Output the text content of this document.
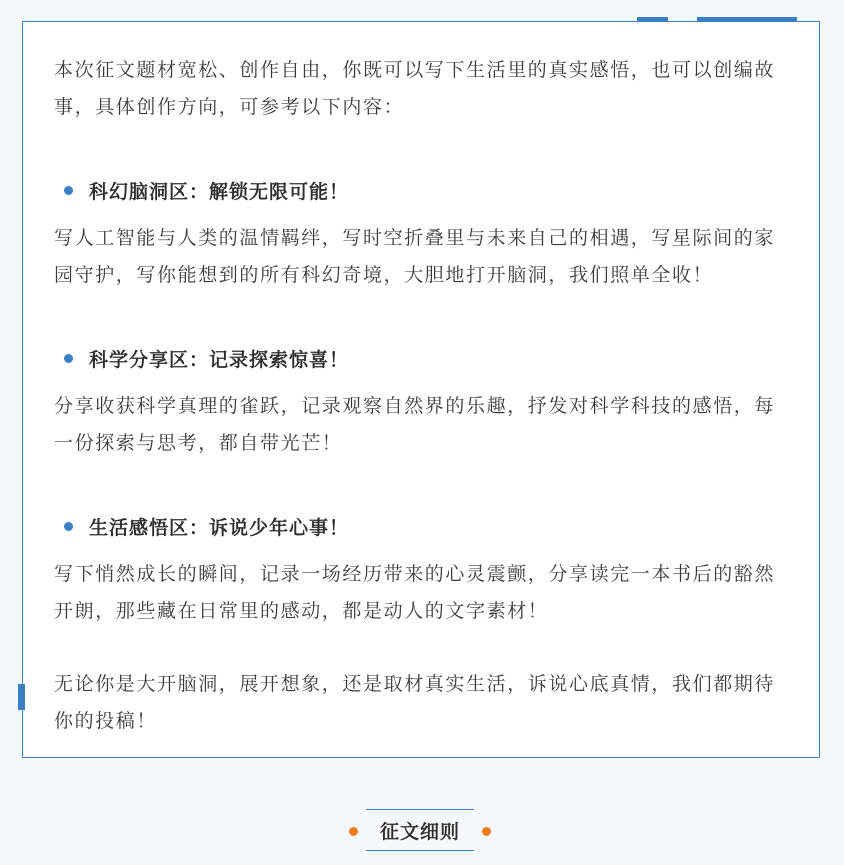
本次征文题材宽松、创作自由，你既可以写下生活里的真实感悟，也可以创编故事，具体创作方向，可参考以下内容：

科幻脑洞区：解锁无限可能！

写人工智能与人类的温情羁绊，写时空折叠里与未来自己的相遇，写星际间的家园守护，写你能想到的所有科幻奇境，大胆地打开脑洞，我们照单全收！

科学分享区：记录探索惊喜！

分享收获科学真理的雀跃，记录观察自然界的乐趣，抒发对科学科技的感悟，每一份探索与思考，都自带光芒！

生活感悟区：诉说少年心事！

写下悄然成长的瞬间，记录一场经历带来的心灵震颤，分享读完一本书后的豁然开朗，那些藏在日常里的感动，都是动人的文字素材！

无论你是大开脑洞，展开想象，还是取材真实生活，诉说心底真情，我们都期待你的投稿！

征文细则
